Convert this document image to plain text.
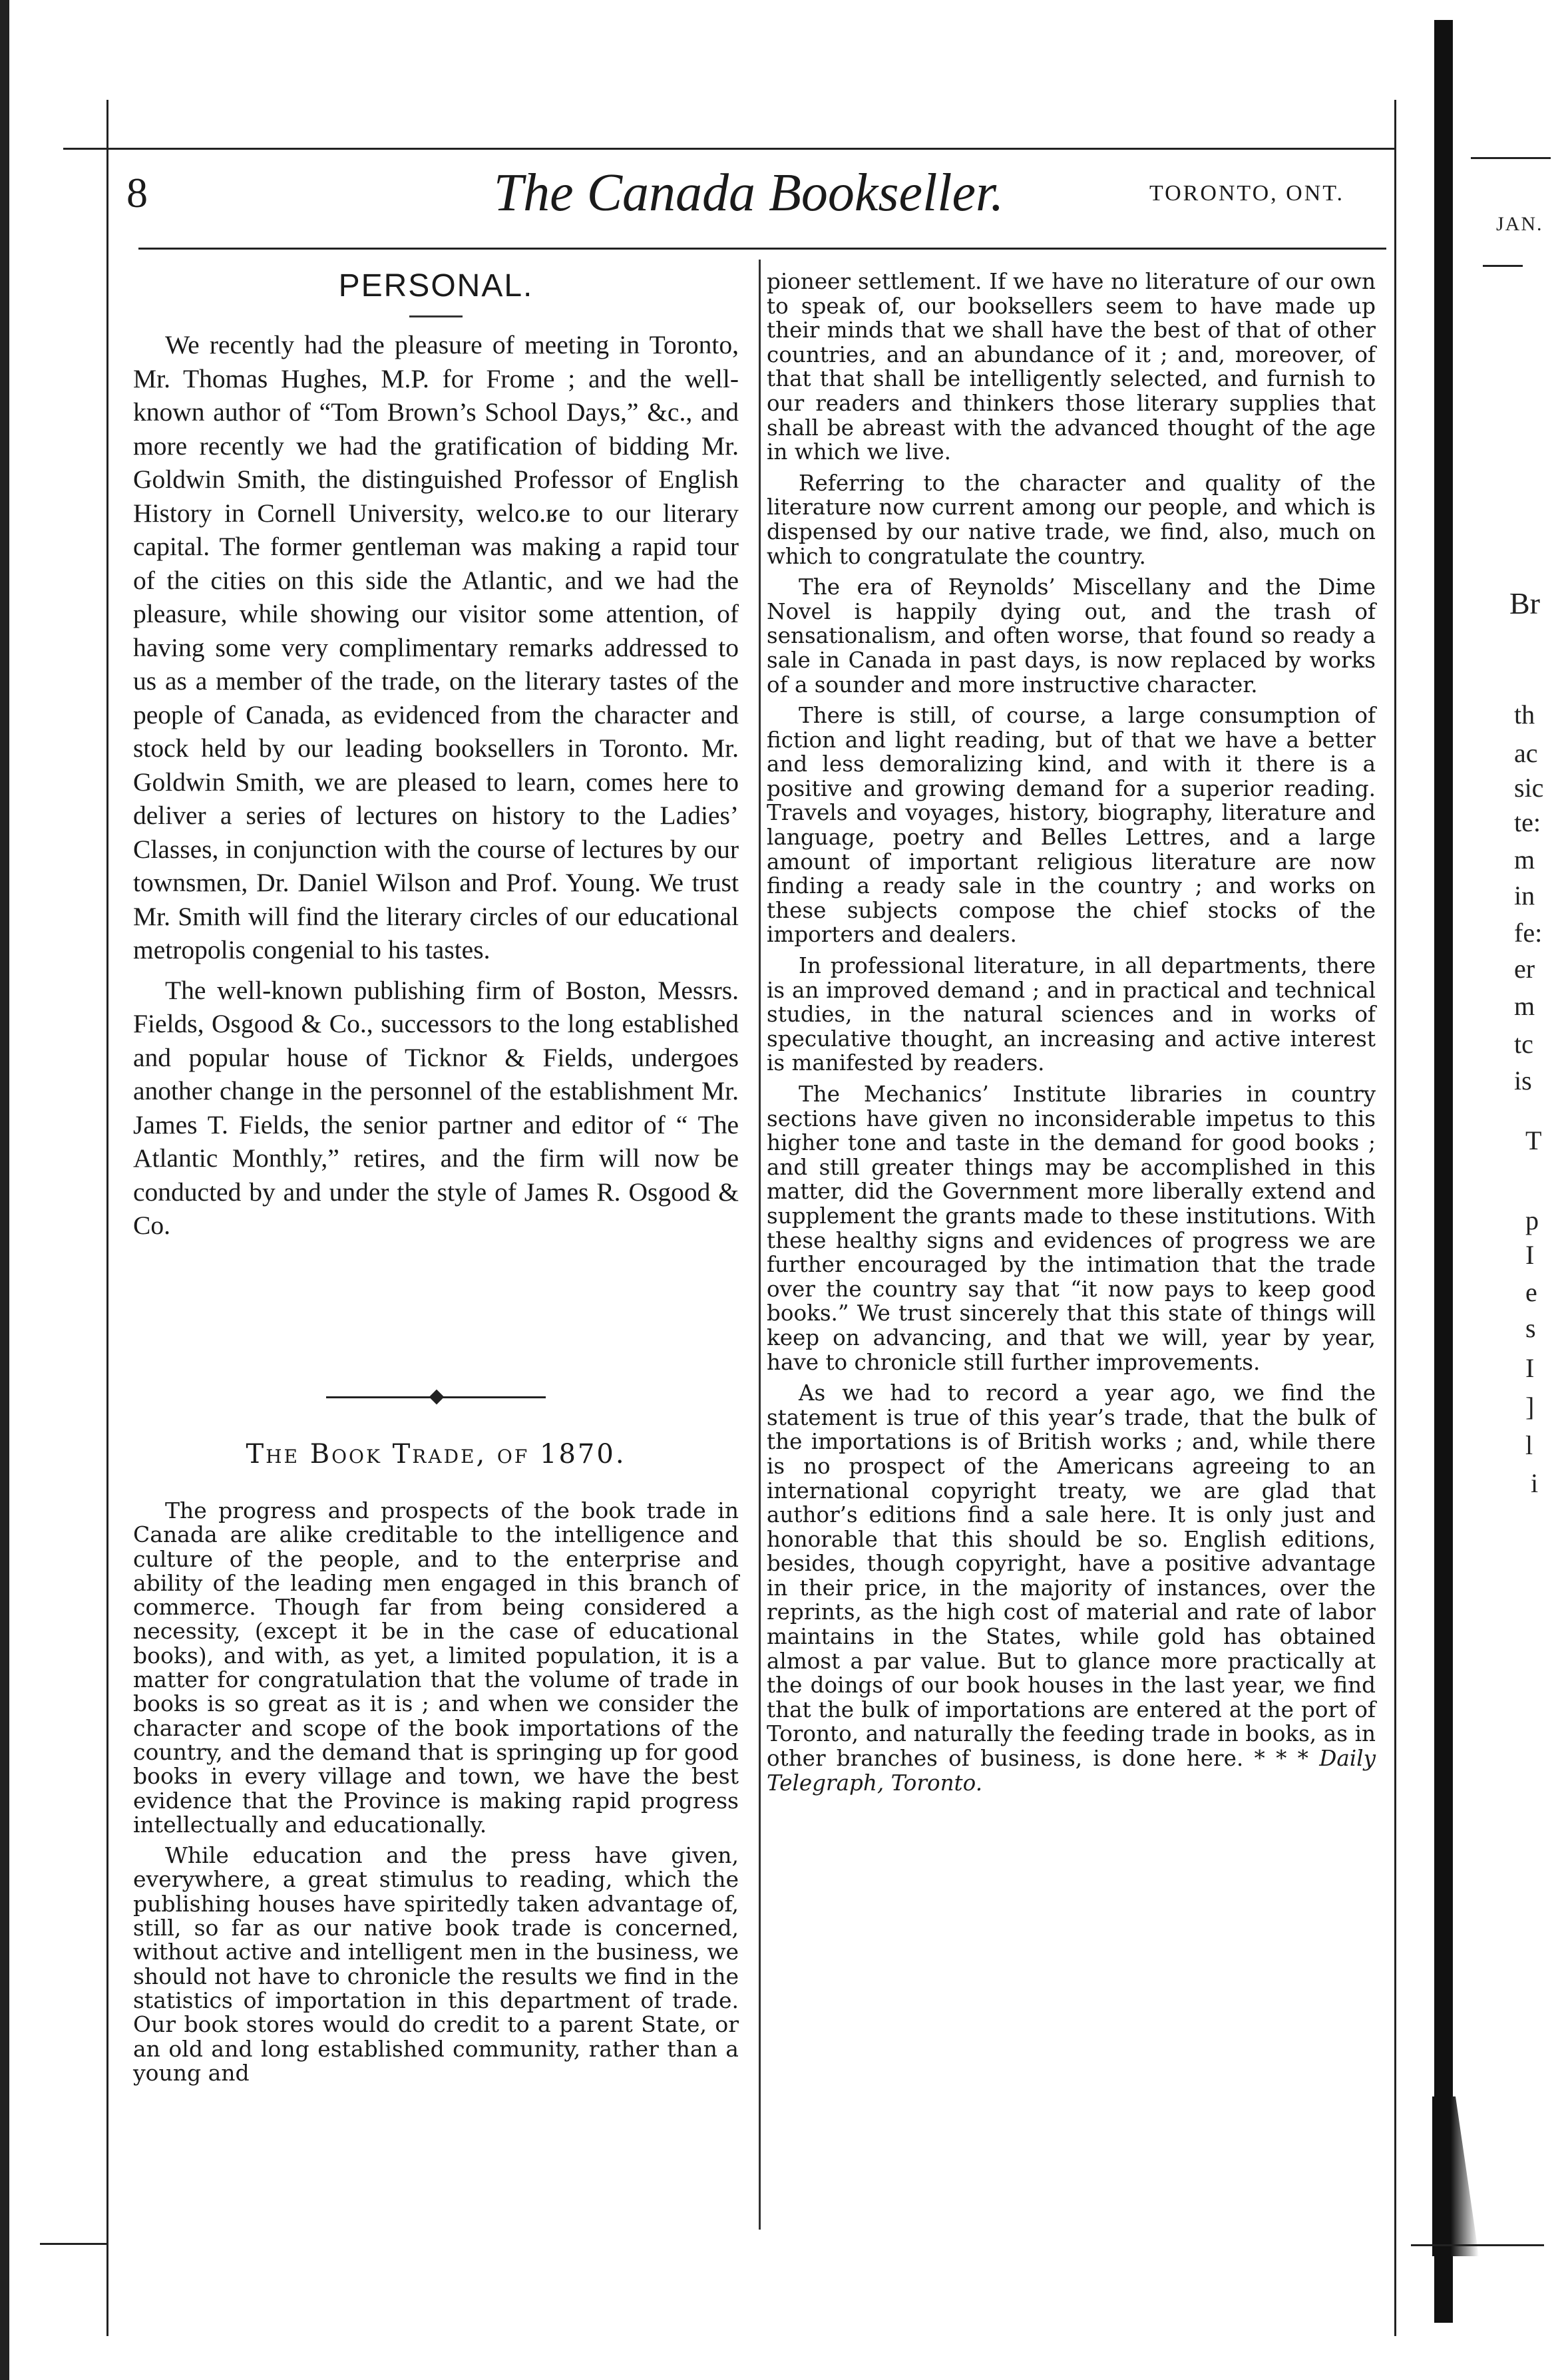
8	The Canada Bookseller.	TORONTO, ONT.
PERSONAL.

We recently had the pleasure of meeting in Toronto, Mr. Thomas Hughes, M.P. for Frome ; and the well-known author of “Tom Brown’s School Days,” &c., and more recently we had the gratification of bidding Mr. Goldwin Smith, the distinguished Professor of English History in Cornell University, welco.ʁe to our literary capital. The former gentleman was making a rapid tour of the cities on this side the Atlantic, and we had the pleasure, while showing our visitor some attention, of having some very complimentary remarks addressed to us as a member of the trade, on the literary tastes of the people of Canada, as evidenced from the character and stock held by our leading booksellers in Toronto. Mr. Goldwin Smith, we are pleased to learn, comes here to deliver a series of lectures on history to the Ladies’ Classes, in conjunction with the course of lectures by our townsmen, Dr. Daniel Wilson and Prof. Young. We trust Mr. Smith will find the literary circles of our educational metropolis congenial to his tastes.

The well-known publishing firm of Boston, Messrs. Fields, Osgood & Co., successors to the long established and popular house of Ticknor & Fields, undergoes another change in the personnel of the establishment Mr. James T. Fields, the senior partner and editor of “ The Atlantic Monthly,” retires, and the firm will now be conducted by and under the style of James R. Osgood & Co.

The Book Trade, of 1870.

The progress and prospects of the book trade in Canada are alike creditable to the intelligence and culture of the people, and to the enterprise and ability of the leading men engaged in this branch of commerce. Though far from being considered a necessity, (except it be in the case of educational books), and with, as yet, a limited population, it is a matter for congratulation that the volume of trade in books is so great as it is ; and when we consider the character and scope of the book importations of the country, and the demand that is springing up for good books in every village and town, we have the best evidence that the Province is making rapid progress intellectually and educationally.

While education and the press have given, everywhere, a great stimulus to reading, which the publishing houses have spiritedly taken advantage of, still, so far as our native book trade is concerned, without active and intelligent men in the business, we should not have to chronicle the results we find in the statistics of importation in this department of trade. Our book stores would do credit to a parent State, or an old and long established community, rather than a young and

pioneer settlement. If we have no literature of our own to speak of, our booksellers seem to have made up their minds that we shall have the best of that of other countries, and an abundance of it ; and, moreover, of that that shall be intelligently selected, and furnish to our readers and thinkers those literary supplies that shall be abreast with the advanced thought of the age in which we live.

Referring to the character and quality of the literature now current among our people, and which is dispensed by our native trade, we find, also, much on which to congratulate the country.

The era of Reynolds’ Miscellany and the Dime Novel is happily dying out, and the trash of sensationalism, and often worse, that found so ready a sale in Canada in past days, is now replaced by works of a sounder and more instructive character.

There is still, of course, a large consumption of fiction and light reading, but of that we have a better and less demoralizing kind, and with it there is a positive and growing demand for a superior reading. Travels and voyages, history, biography, literature and language, poetry and Belles Lettres, and a large amount of important religious literature are now finding a ready sale in the country ; and works on these subjects compose the chief stocks of the importers and dealers.

In professional literature, in all departments, there is an improved demand ; and in practical and technical studies, in the natural sciences and in works of speculative thought, an increasing and active interest is manifested by readers.

The Mechanics’ Institute libraries in country sections have given no inconsiderable impetus to this higher tone and taste in the demand for good books ; and still greater things may be accomplished in this matter, did the Government more liberally extend and supplement the grants made to these institutions. With these healthy signs and evidences of progress we are further encouraged by the intimation that the trade over the country say that “it now pays to keep good books.” We trust sincerely that this state of things will keep on advancing, and that we will, year by year, have to chronicle still further improvements.

As we had to record a year ago, we find the statement is true of this year’s trade, that the bulk of the importations is of British works ; and, while there is no prospect of the Americans agreeing to an international copyright treaty, we are glad that author’s editions find a sale here. It is only just and honorable that this should be so. English editions, besides, though copyright, have a positive advantage in their price, in the majority of instances, over the reprints, as the high cost of material and rate of labor maintains in the States, while gold has obtained almost a par value. But to glance more practically at the doings of our book houses in the last year, we find that the bulk of importations are entered at the port of Toronto, and naturally the feeding trade in books, as in other branches of business, is done here. * * * Daily Telegraph, Toronto.

JAN.
Br
th
ac
sic
te:
m
in
fe:
er
m
tc
is
T
p
I
e
s
I
]
l
i
